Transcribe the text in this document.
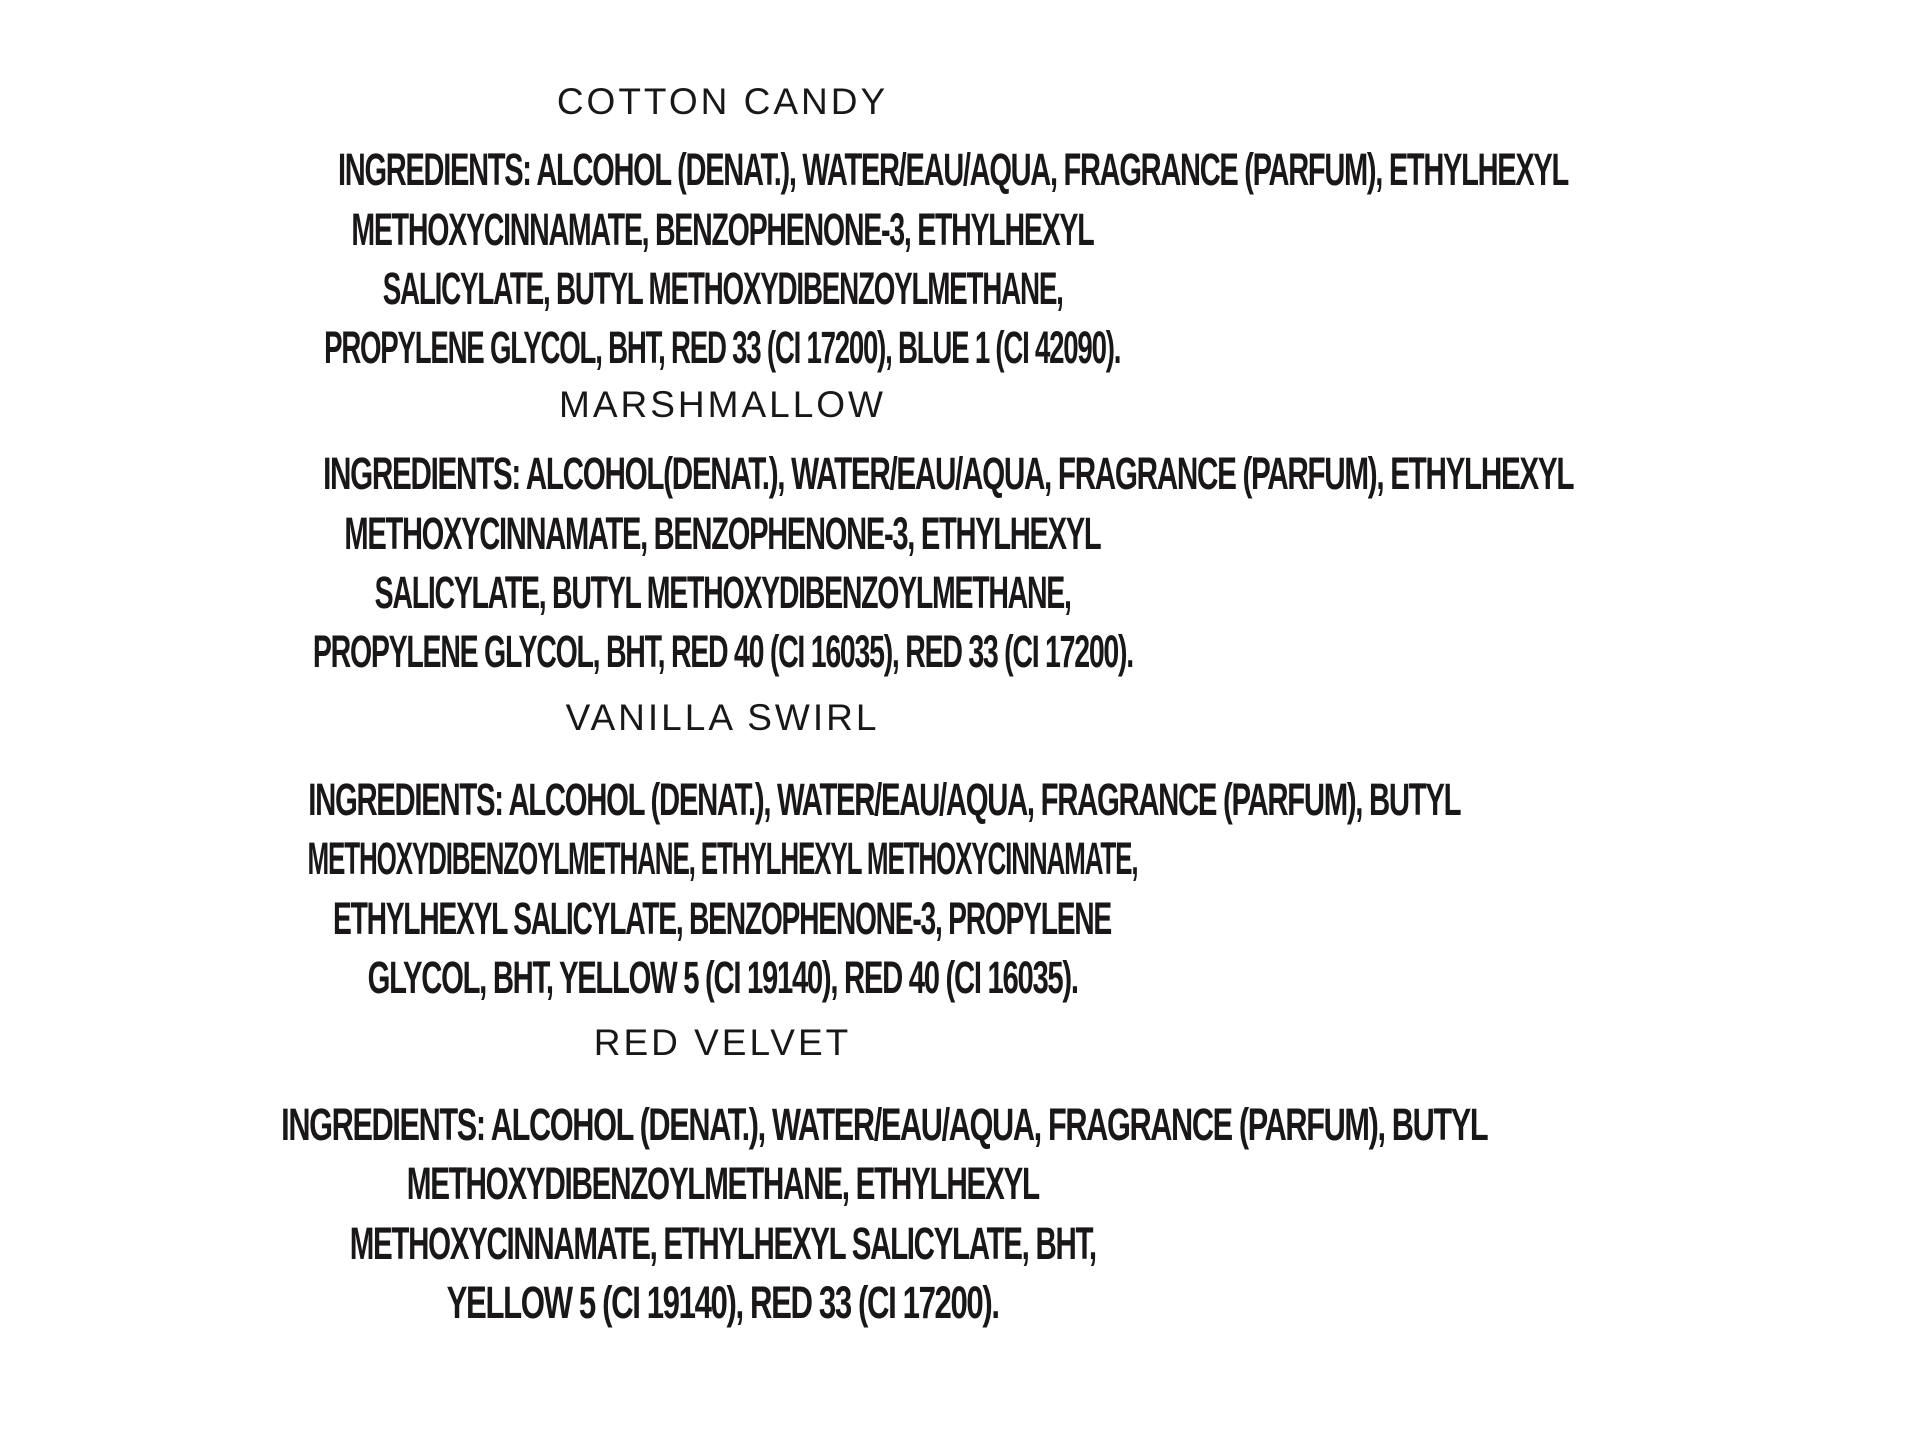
COTTON CANDY
INGREDIENTS: ALCOHOL (DENAT.), WATER/EAU/AQUA, FRAGRANCE (PARFUM), ETHYLHEXYL
METHOXYCINNAMATE, BENZOPHENONE-3, ETHYLHEXYL
SALICYLATE, BUTYL METHOXYDIBENZOYLMETHANE,
PROPYLENE GLYCOL, BHT, RED 33 (CI 17200), BLUE 1 (CI 42090).
MARSHMALLOW
INGREDIENTS: ALCOHOL(DENAT.), WATER/EAU/AQUA, FRAGRANCE (PARFUM), ETHYLHEXYL
METHOXYCINNAMATE, BENZOPHENONE-3, ETHYLHEXYL
SALICYLATE, BUTYL METHOXYDIBENZOYLMETHANE,
PROPYLENE GLYCOL, BHT, RED 40 (CI 16035), RED 33 (CI 17200).
VANILLA SWIRL
INGREDIENTS: ALCOHOL (DENAT.), WATER/EAU/AQUA, FRAGRANCE (PARFUM), BUTYL
METHOXYDIBENZOYLMETHANE, ETHYLHEXYL METHOXYCINNAMATE,
ETHYLHEXYL SALICYLATE, BENZOPHENONE-3, PROPYLENE
GLYCOL, BHT, YELLOW 5 (CI 19140), RED 40 (CI 16035).
RED VELVET
INGREDIENTS: ALCOHOL (DENAT.), WATER/EAU/AQUA, FRAGRANCE (PARFUM), BUTYL
METHOXYDIBENZOYLMETHANE, ETHYLHEXYL
METHOXYCINNAMATE, ETHYLHEXYL SALICYLATE, BHT,
YELLOW 5 (CI 19140), RED 33 (CI 17200).
